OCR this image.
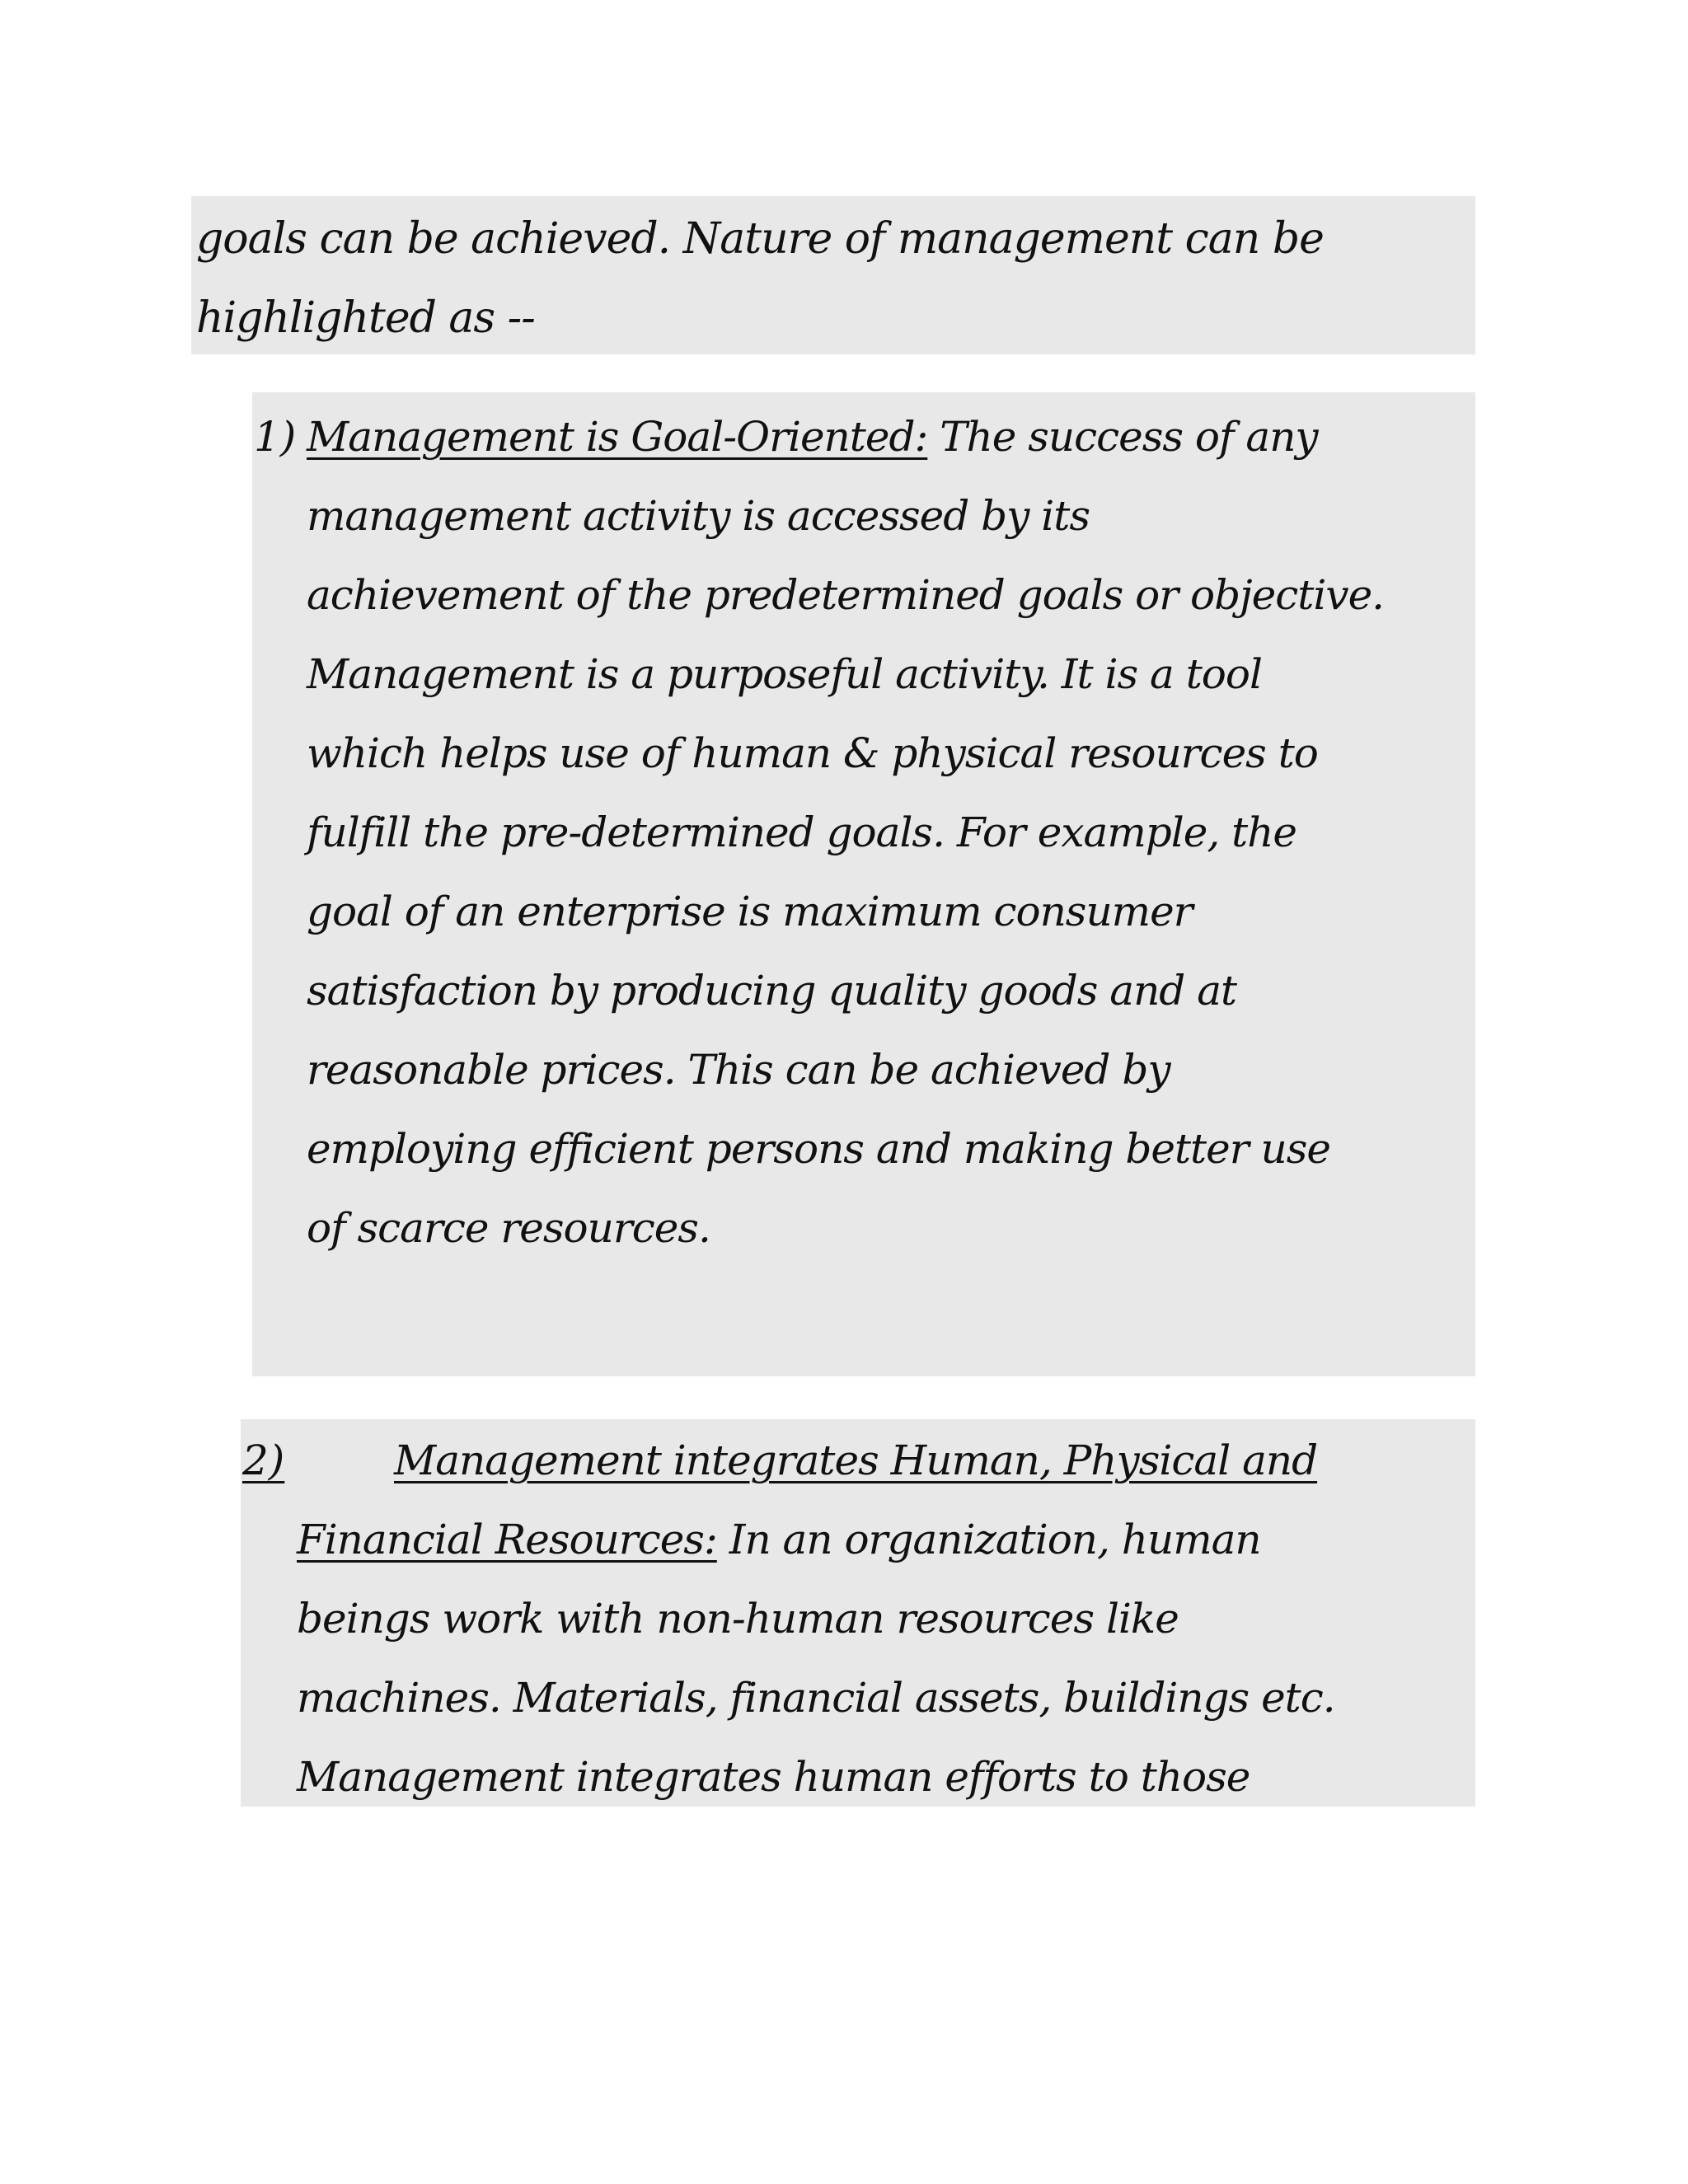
goals can be achieved. Nature of management can be
highlighted as --
1) Management is Goal-Oriented: The success of any
management activity is accessed by its
achievement of the predetermined goals or objective.
Management is a purposeful activity. It is a tool
which helps use of human & physical resources to
fulfill the pre-determined goals. For example, the
goal of an enterprise is maximum consumer
satisfaction by producing quality goods and at
reasonable prices. This can be achieved by
employing efficient persons and making better use
of scarce resources.
2)	Management integrates Human, Physical and
Financial Resources: In an organization, human
beings work with non-human resources like
machines. Materials, financial assets, buildings etc.
Management integrates human efforts to those
